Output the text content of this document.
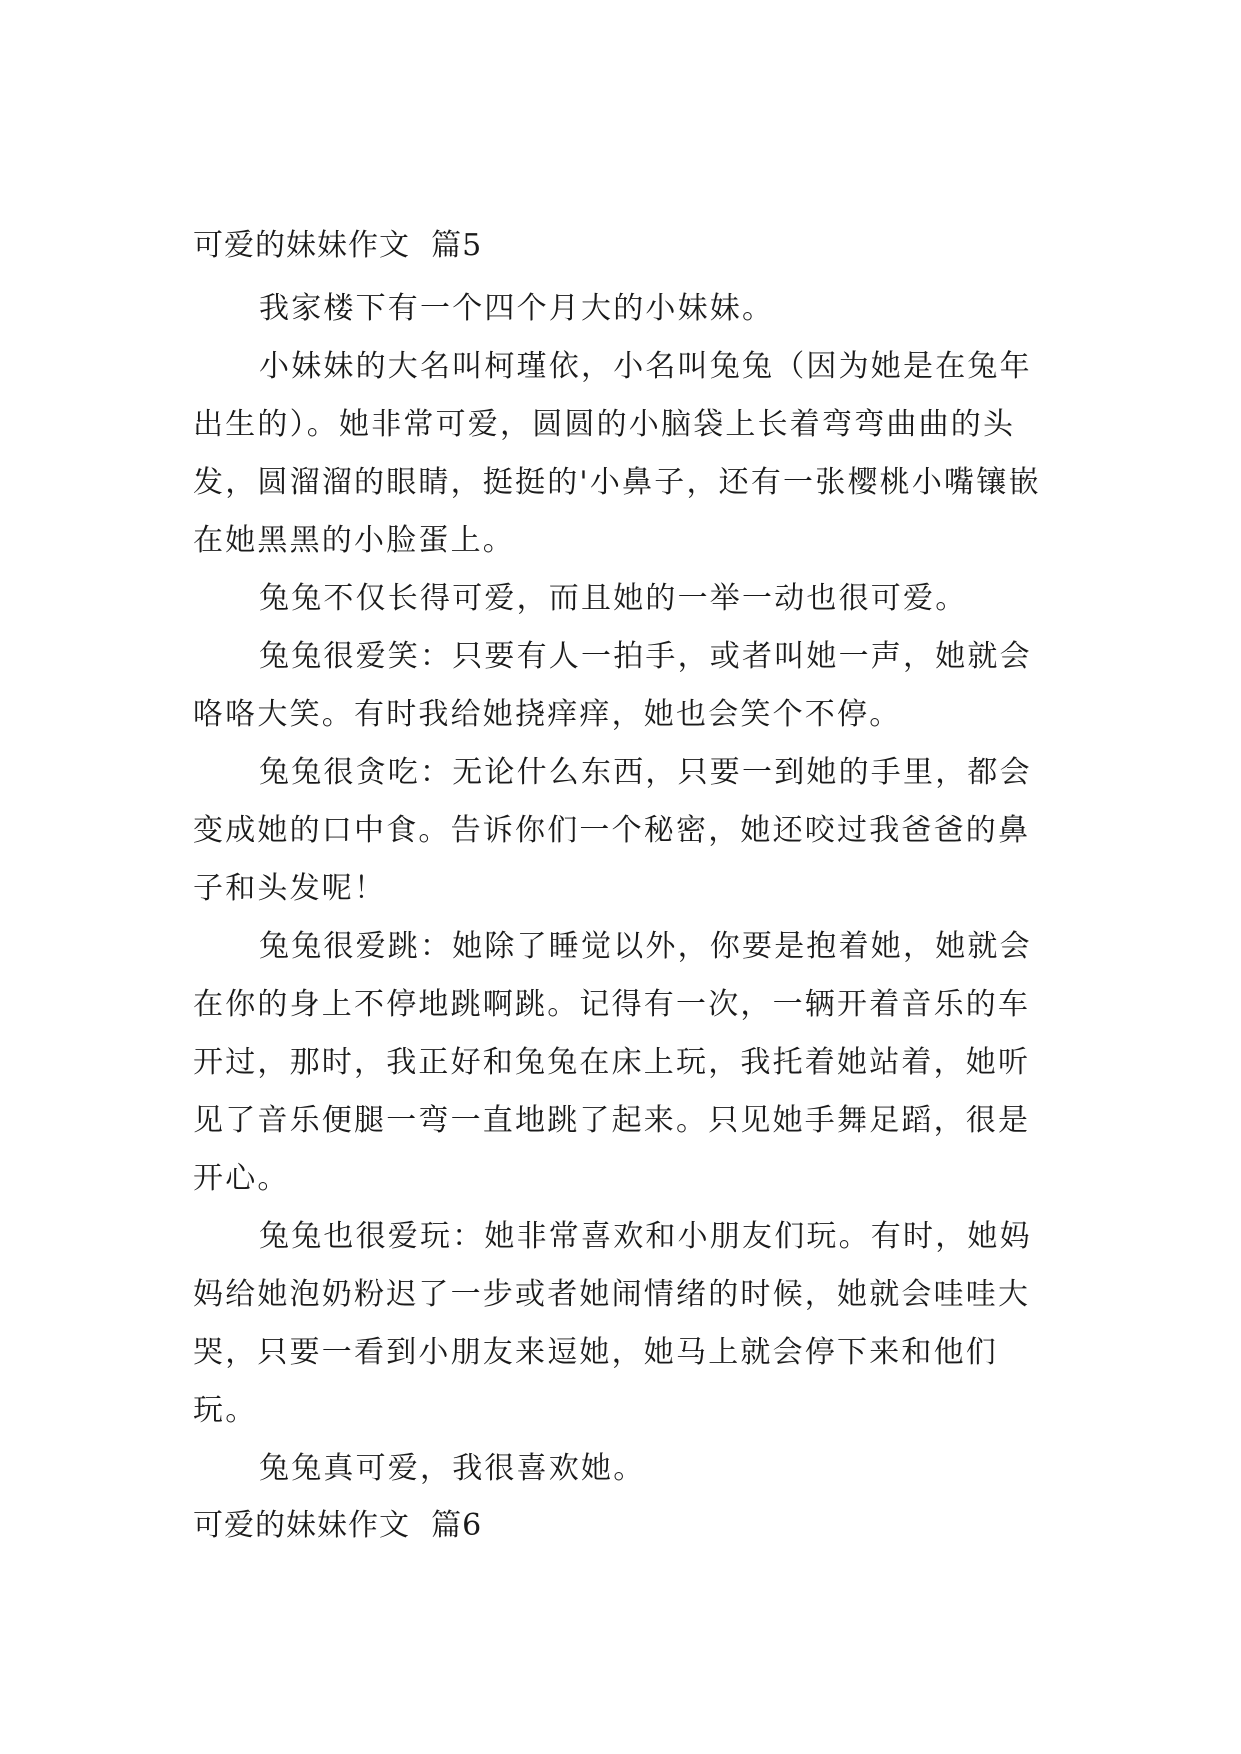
可爱的妹妹作文 篇5

我家楼下有一个四个月大的小妹妹。

小妹妹的大名叫柯瑾依，小名叫兔兔（因为她是在兔年出生的）。她非常可爱，圆圆的小脑袋上长着弯弯曲曲的头发，圆溜溜的眼睛，挺挺的'小鼻子，还有一张樱桃小嘴镶嵌在她黑黑的小脸蛋上。

兔兔不仅长得可爱，而且她的一举一动也很可爱。

兔兔很爱笑：只要有人一拍手，或者叫她一声，她就会咯咯大笑。有时我给她挠痒痒，她也会笑个不停。

兔兔很贪吃：无论什么东西，只要一到她的手里，都会变成她的口中食。告诉你们一个秘密，她还咬过我爸爸的鼻子和头发呢！

兔兔很爱跳：她除了睡觉以外，你要是抱着她，她就会在你的身上不停地跳啊跳。记得有一次，一辆开着音乐的车开过，那时，我正好和兔兔在床上玩，我托着她站着，她听见了音乐便腿一弯一直地跳了起来。只见她手舞足蹈，很是开心。

兔兔也很爱玩：她非常喜欢和小朋友们玩。有时，她妈妈给她泡奶粉迟了一步或者她闹情绪的时候，她就会哇哇大哭，只要一看到小朋友来逗她，她马上就会停下来和他们玩。

兔兔真可爱，我很喜欢她。

可爱的妹妹作文 篇6
